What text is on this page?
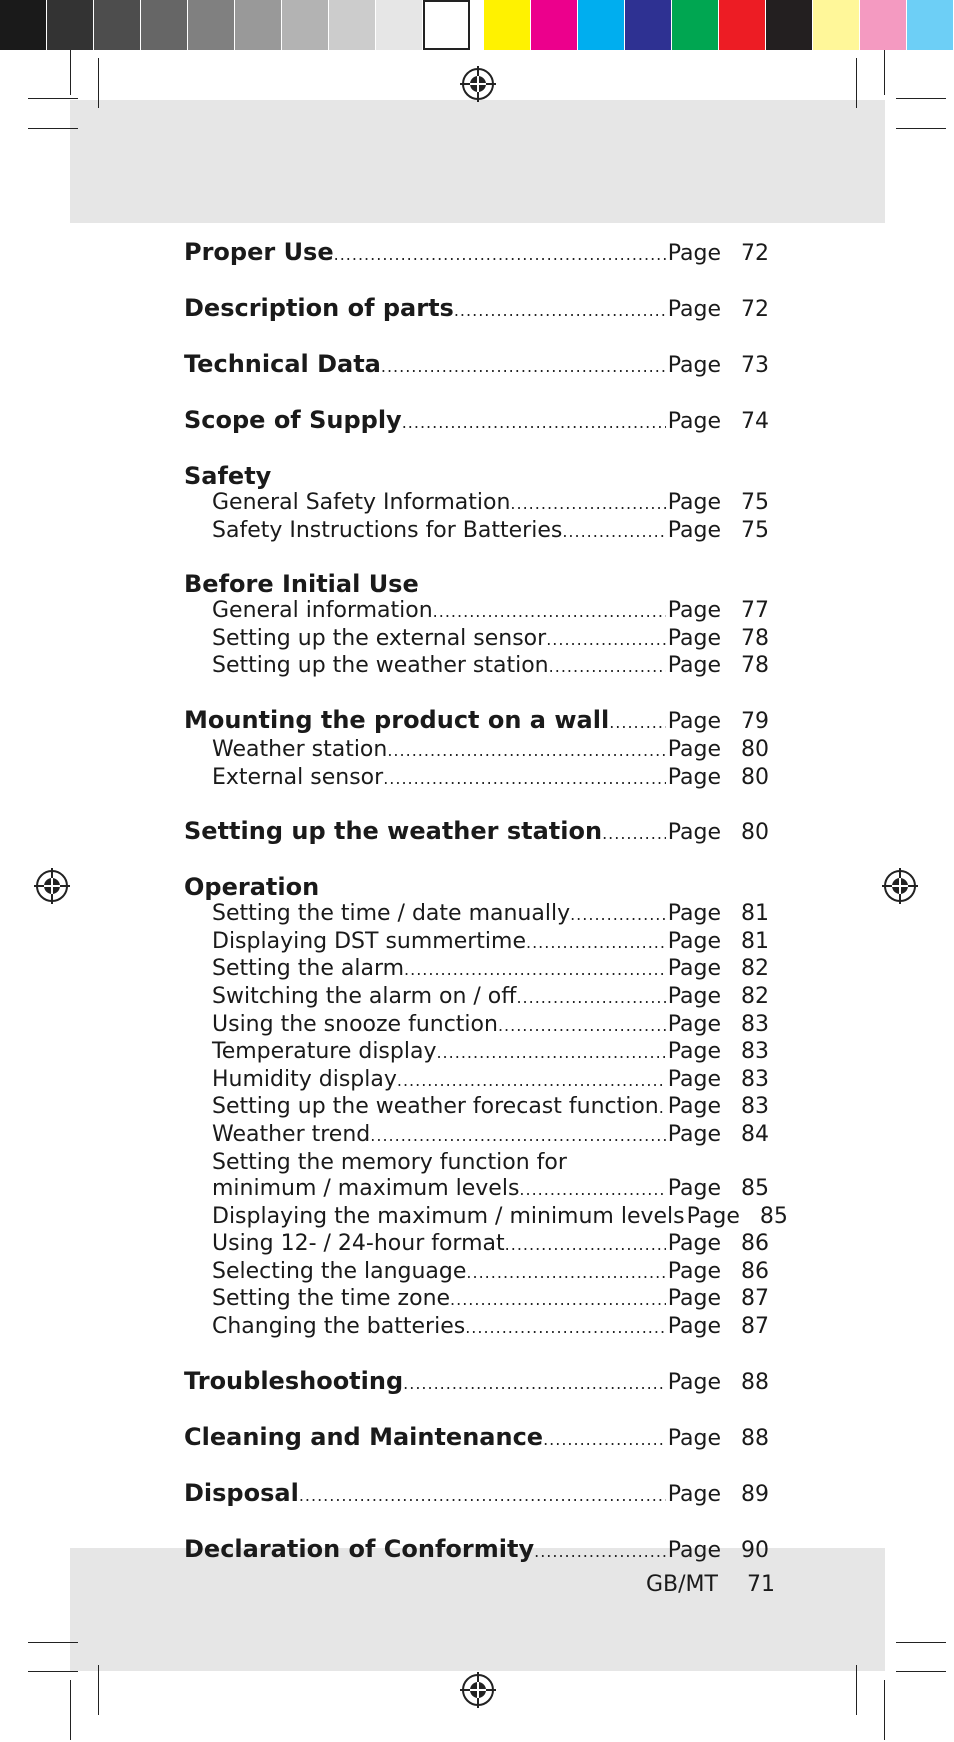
Proper Use .....	Page 72
Description of parts .....	Page 72
Technical Data .....	Page 73
Scope of Supply .....	Page 74
Safety
General Safety Information .....	Page 75
Safety Instructions for Batteries .....	Page 75
Before Initial Use
General information .....	Page 77
Setting up the external sensor .....	Page 78
Setting up the weather station .....	Page 78
Mounting the product on a wall .....	Page 79
Weather station .....	Page 80
External sensor .....	Page 80
Setting up the weather station .....	Page 80
Operation
Setting the time / date manually .....	Page 81
Displaying DST summertime .....	Page 81
Setting the alarm .....	Page 82
Switching the alarm on / off .....	Page 82
Using the snooze function .....	Page 83
Temperature display .....	Page 83
Humidity display .....	Page 83
Setting up the weather forecast function ..... Page 83
Weather trend .....	Page 84
Setting the memory function for
minimum / maximum levels .....	Page 85
Displaying the maximum / minimum levels Page 85
Using 12- / 24-hour format .....	Page 86
Selecting the language .....	Page 86
Setting the time zone .....	Page 87
Changing the batteries .....	Page 87
Troubleshooting .....	Page 88
Cleaning and Maintenance .....	Page 88
Disposal .....	Page 89
Declaration of Conformity .....	Page 90
GB/MT 71
